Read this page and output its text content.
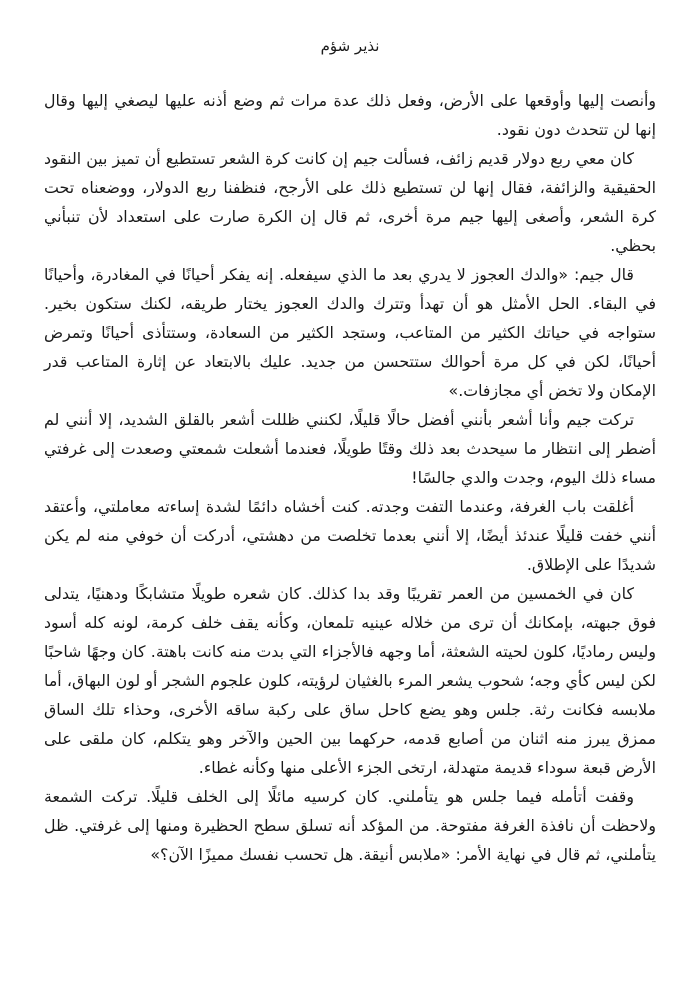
نذير شؤم

وأنصت إليها وأوقعها على الأرض، وفعل ذلك عدة مرات ثم وضع أذنه عليها ليصغي إليها وقال إنها لن تتحدث دون نقود.

كان معي ربع دولار قديم زائف، فسألت جيم إن كانت كرة الشعر تستطيع أن تميز بين النقود الحقيقية والزائفة، فقال إنها لن تستطيع ذلك على الأرجح، فنظفنا ربع الدولار، ووضعناه تحت كرة الشعر، وأصغى إليها جيم مرة أخرى، ثم قال إن الكرة صارت على استعداد لأن تنبأني بحظي.

قال جيم: «والدك العجوز لا يدري بعد ما الذي سيفعله. إنه يفكر أحيانًا في المغادرة، وأحيانًا في البقاء. الحل الأمثل هو أن تهدأ وتترك والدك العجوز يختار طريقه، لكنك ستكون بخير. ستواجه في حياتك الكثير من المتاعب، وستجد الكثير من السعادة، وستتأذى أحيانًا وتمرض أحيانًا، لكن في كل مرة أحوالك ستتحسن من جديد. عليك بالابتعاد عن إثارة المتاعب قدر الإمكان ولا تخض أي مجازفات.»

تركت جيم وأنا أشعر بأنني أفضل حالًا قليلًا، لكنني ظللت أشعر بالقلق الشديد، إلا أنني لم أضطر إلى انتظار ما سيحدث بعد ذلك وقتًا طويلًا، فعندما أشعلت شمعتي وصعدت إلى غرفتي مساء ذلك اليوم، وجدت والدي جالسًا!

أغلقت باب الغرفة، وعندما التفت وجدته. كنت أخشاه دائمًا لشدة إساءته معاملتي، وأعتقد أنني خفت قليلًا عندئذ أيضًا، إلا أنني بعدما تخلصت من دهشتي، أدركت أن خوفي منه لم يكن شديدًا على الإطلاق.

كان في الخمسين من العمر تقريبًا وقد بدا كذلك. كان شعره طويلًا متشابكًا ودهنيًا، يتدلى فوق جبهته، بإمكانك أن ترى من خلاله عينيه تلمعان، وكأنه يقف خلف كرمة، لونه كله أسود وليس رماديًا، كلون لحيته الشعثة، أما وجهه فالأجزاء التي بدت منه كانت باهتة. كان وجهًا شاحبًا لكن ليس كأي وجه؛ شحوب يشعر المرء بالغثيان لرؤيته، كلون علجوم الشجر أو لون البهاق، أما ملابسه فكانت رثة. جلس وهو يضع كاحل ساق على ركبة ساقه الأخرى، وحذاء تلك الساق ممزق يبرز منه اثنان من أصابع قدمه، حركهما بين الحين والآخر وهو يتكلم، كان ملقى على الأرض قبعة سوداء قديمة متهدلة، ارتخى الجزء الأعلى منها وكأنه غطاء.

وقفت أتأمله فيما جلس هو يتأملني. كان كرسيه مائلًا إلى الخلف قليلًا. تركت الشمعة ولاحظت أن نافذة الغرفة مفتوحة. من المؤكد أنه تسلق سطح الحظيرة ومنها إلى غرفتي. ظل يتأملني، ثم قال في نهاية الأمر: «ملابس أنيقة. هل تحسب نفسك مميزًا الآن؟»
